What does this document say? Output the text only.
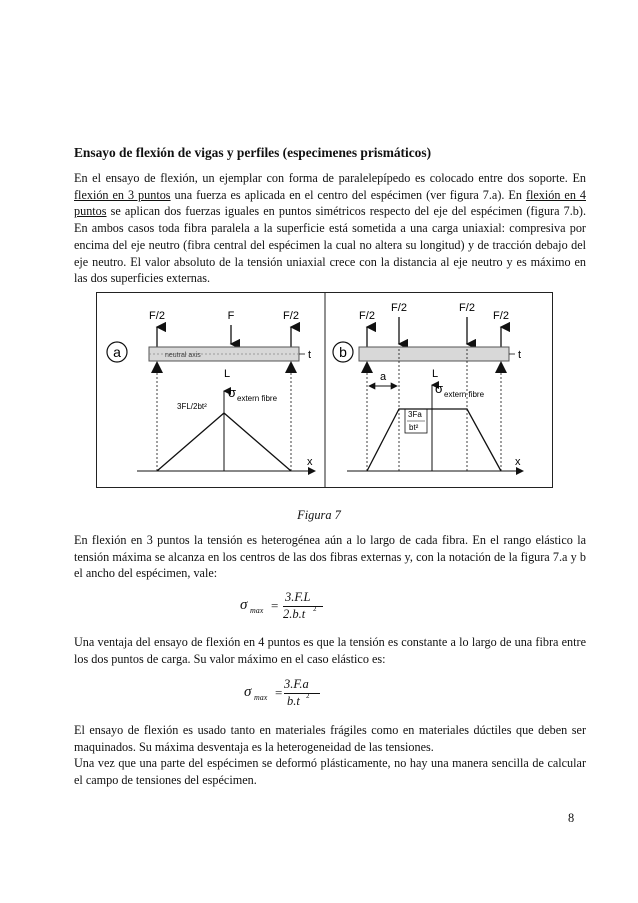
Ensayo de flexión de vigas y perfiles (especimenes prismáticos)
En el ensayo de flexión, un ejemplar con forma de paralelepípedo es colocado entre dos soporte. En flexión en 3 puntos una fuerza es aplicada en el centro del espécimen (ver figura 7.a). En flexión en 4 puntos se aplican dos fuerzas iguales en puntos simétricos respecto del eje del espécimen (figura 7.b). En ambos casos toda fibra paralela a la superficie está sometida a una carga uniaxial: compresiva por encima del eje neutro (fibra central del espécimen la cual no altera su longitud) y de tracción debajo del eje neutro. El valor absoluto de la tensión uniaxial crece con la distancia al eje neutro y es máximo en las dos superficies externas.
a
F/2	F	F/2
neutral axis	t
L
x
σ extern fibre
3FL/2bt²
b
F/2
F/2	F/2
F/2
t
a	L
x
σ extern fibre
3Fa
bt²
Figura 7
En flexión en 3 puntos la tensión es heterogénea aún a lo largo de cada fibra. En el rango elástico la tensión máxima se alcanza en los centros de las dos fibras externas y, con la notación de la figura 7.a y b el ancho del espécimen, vale:
σ max =
3.F.L
2.b.t 2
Una ventaja del ensayo de flexión en 4 puntos es que la tensión es constante a lo largo de una fibra entre los dos puntos de carga. Su valor máximo en el caso elástico es:
σ max =
3.F.a
b.t 2

El ensayo de flexión es usado tanto en materiales frágiles como en materiales dúctiles que deben ser maquinados. Su máxima desventaja es la heterogeneidad de las tensiones.

Una vez que una parte del espécimen se deformó plásticamente, no hay una manera sencilla de calcular el campo de tensiones del espécimen.

8
